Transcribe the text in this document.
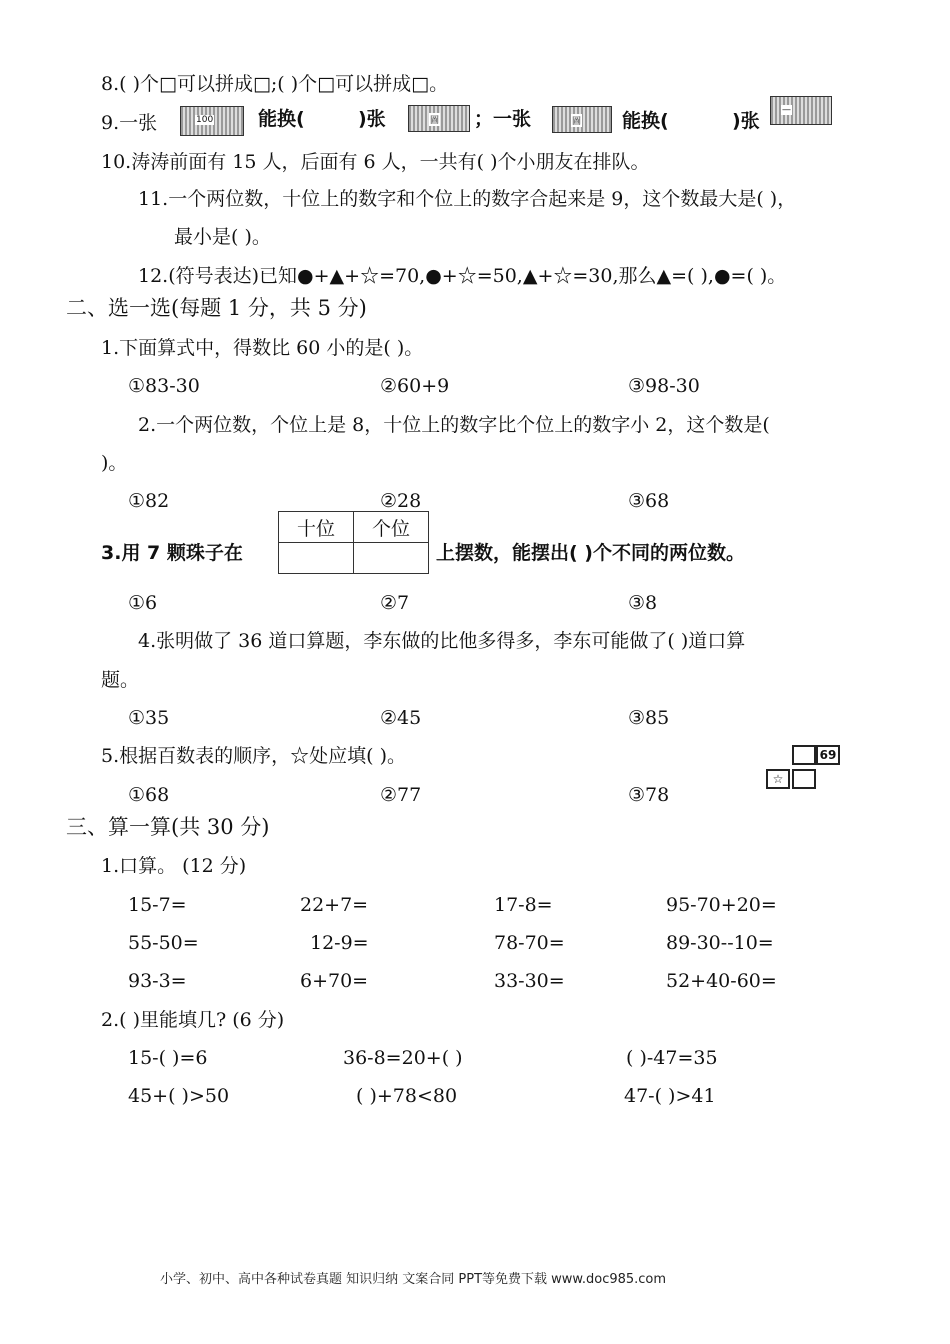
8.( )个□可以拼成□;( )个□可以拼成□。
9.一张	100 能换(	)张	圖 ；一张	圖 能换(	)张 —
10.涛涛前面有 15 人，后面有 6 人，一共有( )个小朋友在排队。
11.一个两位数，十位上的数字和个位上的数字合起来是 9，这个数最大是( )，
最小是( )。
12.(符号表达)已知●+▲+☆=70,●+☆=50,▲+☆=30,那么▲=( ),●=( )。
二、选一选(每题 1 分，共 5 分)
1.下面算式中，得数比 60 小的是( )。
①83-30	②60+9	③98-30
2.一个两位数，个位上是 8，十位上的数字比个位上的数字小 2，这个数是(
)。
①82	②28	③68
3.用 7 颗珠子在
十位	个位

上摆数，能摆出( )个不同的两位数。
①6	②7	③8
4.张明做了 36 道口算题，李东做的比他多得多，李东可能做了( )道口算
题。
①35	②45	③85
5.根据百数表的顺序，☆处应填( )。	69
☆
①68	②77	③78
三、算一算(共 30 分)
1.口算。 (12 分)
15-7=	22+7=	17-8=	95-70+20=
55-50=	12-9=	78-70=	89-30--10=
93-3=	6+70=	33-30=	52+40-60=
2.( )里能填几? (6 分)
15-( )=6	36-8=20+( )	( )-47=35
45+( )>50	( )+78<80	47-( )>41
小学、初中、高中各种试卷真题 知识归纳 文案合同 PPT等免费下载 www.doc985.com
